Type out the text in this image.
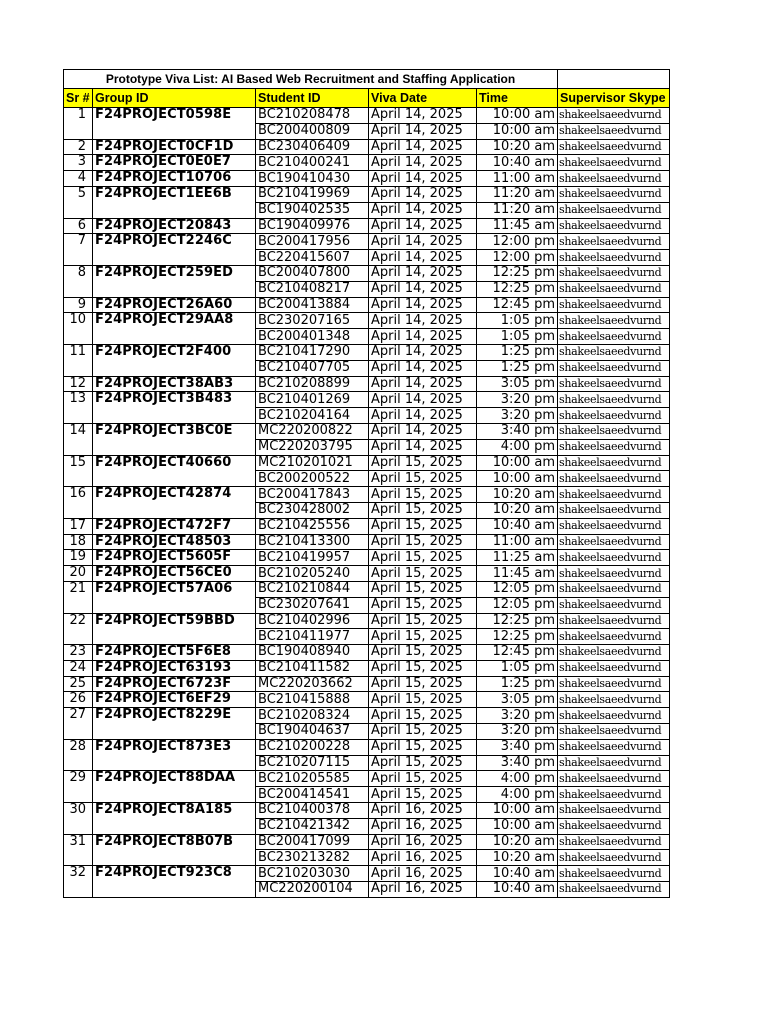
Prototype Viva List: AI Based Web Recruitment and Staffing Application					
Sr #	Group ID	Student ID	Viva Date	Time	Supervisor Skype
1	F24PROJECT0598E	BC210208478	April 14, 2025	10:00 am	shakeelsaeedvurnd
		BC200400809	April 14, 2025	10:00 am	shakeelsaeedvurnd
2	F24PROJECT0CF1D	BC230406409	April 14, 2025	10:20 am	shakeelsaeedvurnd
3	F24PROJECT0E0E7	BC210400241	April 14, 2025	10:40 am	shakeelsaeedvurnd
4	F24PROJECT10706	BC190410430	April 14, 2025	11:00 am	shakeelsaeedvurnd
5	F24PROJECT1EE6B	BC210419969	April 14, 2025	11:20 am	shakeelsaeedvurnd
		BC190402535	April 14, 2025	11:20 am	shakeelsaeedvurnd
6	F24PROJECT20843	BC190409976	April 14, 2025	11:45 am	shakeelsaeedvurnd
7	F24PROJECT2246C	BC200417956	April 14, 2025	12:00 pm	shakeelsaeedvurnd
		BC220415607	April 14, 2025	12:00 pm	shakeelsaeedvurnd
8	F24PROJECT259ED	BC200407800	April 14, 2025	12:25 pm	shakeelsaeedvurnd
		BC210408217	April 14, 2025	12:25 pm	shakeelsaeedvurnd
9	F24PROJECT26A60	BC200413884	April 14, 2025	12:45 pm	shakeelsaeedvurnd
10	F24PROJECT29AA8	BC230207165	April 14, 2025	1:05 pm	shakeelsaeedvurnd
		BC200401348	April 14, 2025	1:05 pm	shakeelsaeedvurnd
11	F24PROJECT2F400	BC210417290	April 14, 2025	1:25 pm	shakeelsaeedvurnd
		BC210407705	April 14, 2025	1:25 pm	shakeelsaeedvurnd
12	F24PROJECT38AB3	BC210208899	April 14, 2025	3:05 pm	shakeelsaeedvurnd
13	F24PROJECT3B483	BC210401269	April 14, 2025	3:20 pm	shakeelsaeedvurnd
		BC210204164	April 14, 2025	3:20 pm	shakeelsaeedvurnd
14	F24PROJECT3BC0E	MC220200822	April 14, 2025	3:40 pm	shakeelsaeedvurnd
		MC220203795	April 14, 2025	4:00 pm	shakeelsaeedvurnd
15	F24PROJECT40660	MC210201021	April 15, 2025	10:00 am	shakeelsaeedvurnd
		BC200200522	April 15, 2025	10:00 am	shakeelsaeedvurnd
16	F24PROJECT42874	BC200417843	April 15, 2025	10:20 am	shakeelsaeedvurnd
		BC230428002	April 15, 2025	10:20 am	shakeelsaeedvurnd
17	F24PROJECT472F7	BC210425556	April 15, 2025	10:40 am	shakeelsaeedvurnd
18	F24PROJECT48503	BC210413300	April 15, 2025	11:00 am	shakeelsaeedvurnd
19	F24PROJECT5605F	BC210419957	April 15, 2025	11:25 am	shakeelsaeedvurnd
20	F24PROJECT56CE0	BC210205240	April 15, 2025	11:45 am	shakeelsaeedvurnd
21	F24PROJECT57A06	BC210210844	April 15, 2025	12:05 pm	shakeelsaeedvurnd
		BC230207641	April 15, 2025	12:05 pm	shakeelsaeedvurnd
22	F24PROJECT59BBD	BC210402996	April 15, 2025	12:25 pm	shakeelsaeedvurnd
		BC210411977	April 15, 2025	12:25 pm	shakeelsaeedvurnd
23	F24PROJECT5F6E8	BC190408940	April 15, 2025	12:45 pm	shakeelsaeedvurnd
24	F24PROJECT63193	BC210411582	April 15, 2025	1:05 pm	shakeelsaeedvurnd
25	F24PROJECT6723F	MC220203662	April 15, 2025	1:25 pm	shakeelsaeedvurnd
26	F24PROJECT6EF29	BC210415888	April 15, 2025	3:05 pm	shakeelsaeedvurnd
27	F24PROJECT8229E	BC210208324	April 15, 2025	3:20 pm	shakeelsaeedvurnd
		BC190404637	April 15, 2025	3:20 pm	shakeelsaeedvurnd
28	F24PROJECT873E3	BC210200228	April 15, 2025	3:40 pm	shakeelsaeedvurnd
		BC210207115	April 15, 2025	3:40 pm	shakeelsaeedvurnd
29	F24PROJECT88DAA	BC210205585	April 15, 2025	4:00 pm	shakeelsaeedvurnd
		BC200414541	April 15, 2025	4:00 pm	shakeelsaeedvurnd
30	F24PROJECT8A185	BC210400378	April 16, 2025	10:00 am	shakeelsaeedvurnd
		BC210421342	April 16, 2025	10:00 am	shakeelsaeedvurnd
31	F24PROJECT8B07B	BC200417099	April 16, 2025	10:20 am	shakeelsaeedvurnd
		BC230213282	April 16, 2025	10:20 am	shakeelsaeedvurnd
32	F24PROJECT923C8	BC210203030	April 16, 2025	10:40 am	shakeelsaeedvurnd
		MC220200104	April 16, 2025	10:40 am	shakeelsaeedvurnd
